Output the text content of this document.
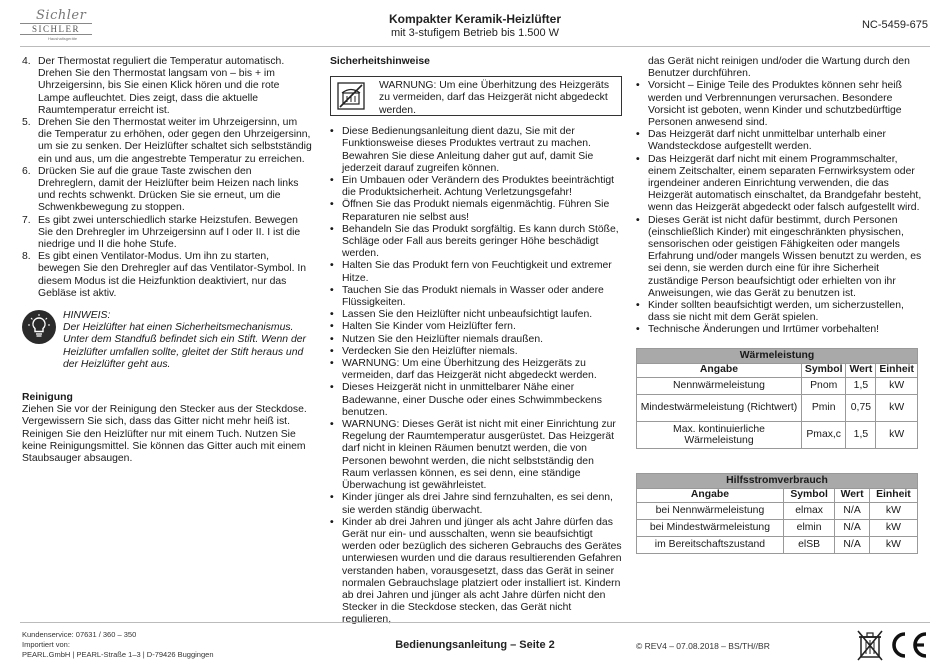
Sichler
SICHLER
Haushaltsgeräte
Kompakter Keramik-Heizlüfter
mit 3-stufigem Betrieb bis 1.500 W
NC-5459-675
4. Der Thermostat reguliert die Temperatur automatisch. Drehen Sie den Thermostat langsam von – bis + im Uhrzeigersinn, bis Sie einen Klick hören und die rote Lampe aufleuchtet. Dies zeigt, dass die aktuelle Raumtemperatur erreicht ist.
5. Drehen Sie den Thermostat weiter im Uhrzeigersinn, um die Temperatur zu erhöhen, oder gegen den Uhrzeigersinn, um sie zu senken. Der Heizlüfter schaltet sich selbstständig ein und aus, um die angestrebte Temperatur zu erreichen.
6. Drücken Sie auf die graue Taste zwischen den Drehreglern, damit der Heizlüfter beim Heizen nach links und rechts schwenkt. Drücken Sie sie erneut, um die Schwenkbewegung zu stoppen.
7. Es gibt zwei unterschiedlich starke Heizstufen. Bewegen Sie den Drehregler im Uhrzeigersinn auf I oder II. I ist die niedrige und II die hohe Stufe.
8. Es gibt einen Ventilator-Modus. Um ihn zu starten, bewegen Sie den Drehregler auf das Ventilator-Symbol. In diesem Modus ist die Heizfunktion deaktiviert, nur das Gebläse ist aktiv.
HINWEIS:
Der Heizlüfter hat einen Sicherheitsmechanismus. Unter dem Standfuß befindet sich ein Stift. Wenn der Heizlüfter umfallen sollte, gleitet der Stift heraus und der Heizlüfter geht aus.
Reinigung
Ziehen Sie vor der Reinigung den Stecker aus der Steckdose. Vergewissern Sie sich, dass das Gitter nicht mehr heiß ist. Reinigen Sie den Heizlüfter nur mit einem Tuch. Nutzen Sie keine Reinigungsmittel. Sie können das Gitter auch mit einem Staubsauger absaugen.
Sicherheitshinweise
WARNUNG: Um eine Überhitzung des Heizgeräts zu vermeiden, darf das Heizgerät nicht abgedeckt werden.
• Diese Bedienungsanleitung dient dazu, Sie mit der Funktionsweise dieses Produktes vertraut zu machen. Bewahren Sie diese Anleitung daher gut auf, damit Sie jederzeit darauf zugreifen können.
• Ein Umbauen oder Verändern des Produktes beeinträchtigt die Produktsicherheit. Achtung Verletzungsgefahr!
• Öffnen Sie das Produkt niemals eigenmächtig. Führen Sie Reparaturen nie selbst aus!
• Behandeln Sie das Produkt sorgfältig. Es kann durch Stöße, Schläge oder Fall aus bereits geringer Höhe beschädigt werden.
• Halten Sie das Produkt fern von Feuchtigkeit und extremer Hitze.
• Tauchen Sie das Produkt niemals in Wasser oder andere Flüssigkeiten.
• Lassen Sie den Heizlüfter nicht unbeaufsichtigt laufen.
• Halten Sie Kinder vom Heizlüfter fern.
• Nutzen Sie den Heizlüfter niemals draußen.
• Verdecken Sie den Heizlüfter niemals.
• WARNUNG: Um eine Überhitzung des Heizgeräts zu vermeiden, darf das Heizgerät nicht abgedeckt werden.
• Dieses Heizgerät nicht in unmittelbarer Nähe einer Badewanne, einer Dusche oder eines Schwimmbeckens benutzen.
• WARNUNG: Dieses Gerät ist nicht mit einer Einrichtung zur Regelung der Raumtemperatur ausgerüstet. Das Heizgerät darf nicht in kleinen Räumen benutzt werden, die von Personen bewohnt werden, die nicht selbstständig den Raum verlassen können, es sei denn, eine ständige Überwachung ist gewährleistet.
• Kinder jünger als drei Jahre sind fernzuhalten, es sei denn, sie werden ständig überwacht.
• Kinder ab drei Jahren und jünger als acht Jahre dürfen das Gerät nur ein- und ausschalten, wenn sie beaufsichtigt werden oder bezüglich des sicheren Gebrauchs des Gerätes unterwiesen wurden und die daraus resultierenden Gefahren verstanden haben, vorausgesetzt, dass das Gerät in seiner normalen Gebrauchslage platziert oder installiert ist. Kindern ab drei Jahren und jünger als acht Jahre dürfen nicht den Stecker in die Steckdose stecken, das Gerät nicht regulieren,
das Gerät nicht reinigen und/oder die Wartung durch den Benutzer durchführen.
• Vorsicht – Einige Teile des Produktes können sehr heiß werden und Verbrennungen verursachen. Besondere Vorsicht ist geboten, wenn Kinder und schutzbedürftige Personen anwesend sind.
• Das Heizgerät darf nicht unmittelbar unterhalb einer Wandsteckdose aufgestellt werden.
• Das Heizgerät darf nicht mit einem Programmschalter, einem Zeitschalter, einem separaten Fernwirksystem oder irgendeiner anderen Einrichtung verwenden, die das Heizgerät automatisch einschaltet, da Brandgefahr besteht, wenn das Heizgerät abgedeckt oder falsch aufgestellt wird.
• Dieses Gerät ist nicht dafür bestimmt, durch Personen (einschließlich Kinder) mit eingeschränkten physischen, sensorischen oder geistigen Fähigkeiten oder mangels Erfahrung und/oder mangels Wissen benutzt zu werden, es sei denn, sie werden durch eine für ihre Sicherheit zuständige Person beaufsichtigt oder erhielten von ihr Anweisungen, wie das Gerät zu benutzen ist.
• Kinder sollten beaufsichtigt werden, um sicherzustellen, dass sie nicht mit dem Gerät spielen.
• Technische Änderungen und Irrtümer vorbehalten!
Wärmeleistung			
Angabe	Symbol	Wert	Einheit
Nennwärmeleistung	Pnom	1,5	kW
Mindestwärmeleistung (Richtwert)	Pmin	0,75	kW
Max. kontinuierliche Wärmeleistung	Pmax,c	1,5	kW
Hilfsstromverbrauch			
Angabe	Symbol	Wert	Einheit
bei Nennwärmeleistung	elmax	N/A	kW
bei Mindestwärmeleistung	elmin	N/A	kW
im Bereitschaftszustand	elSB	N/A	kW
Kundenservice: 07631 / 360 – 350
Importiert von:
PEARL.GmbH | PEARL-Straße 1–3 | D-79426 Buggingen
Bedienungsanleitung – Seite 2	© REV4 – 07.08.2018 – BS/TH//BR
